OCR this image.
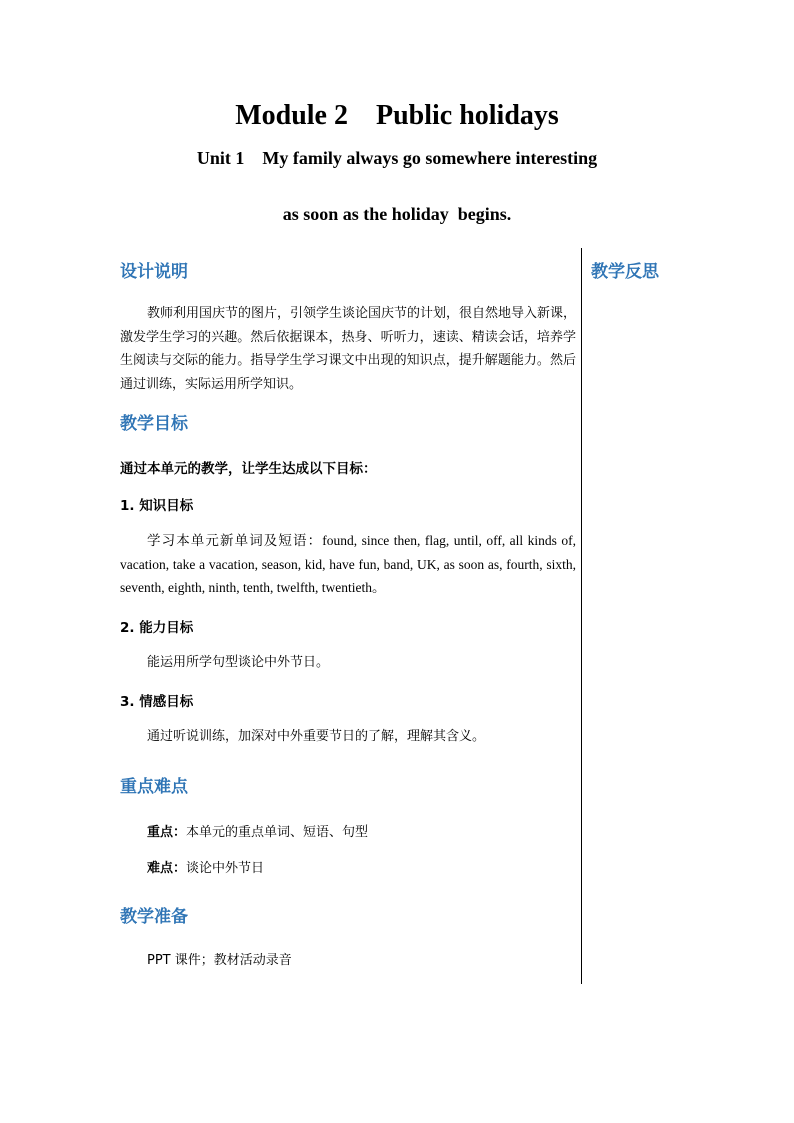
Module 2    Public holidays
Unit 1    My family always go somewhere interesting
as soon as the holiday  begins.
教学反思
设计说明
教师利用国庆节的图片，引领学生谈论国庆节的计划，很自然地导入新课，激发学生学习的兴趣。然后依据课本，热身、听听力，速读、精读会话，培养学生阅读与交际的能力。指导学生学习课文中出现的知识点，提升解题能力。然后通过训练，实际运用所学知识。
教学目标
通过本单元的教学，让学生达成以下目标：
1. 知识目标
学习本单元新单词及短语：found, since then, flag, until, off, all kinds of, vacation, take a vacation, season, kid, have fun, band, UK, as soon as, fourth, sixth, seventh, eighth, ninth, tenth, twelfth, twentieth。
2. 能力目标
能运用所学句型谈论中外节日。
3. 情感目标
通过听说训练，加深对中外重要节日的了解，理解其含义。
重点难点
重点：本单元的重点单词、短语、句型
难点：谈论中外节日
教学准备
PPT 课件；教材活动录音
